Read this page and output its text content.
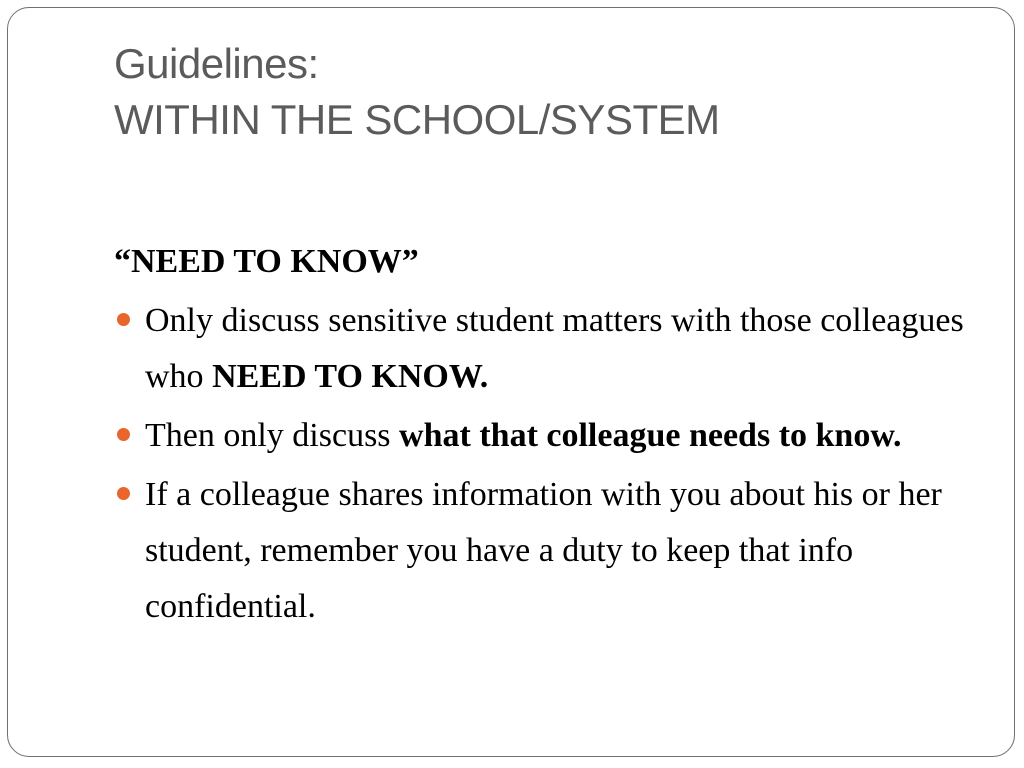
Guidelines:
WITHIN THE SCHOOL/SYSTEM
“NEED TO KNOW”
Only discuss sensitive student matters with those colleagues who NEED TO KNOW.
Then only discuss what that colleague needs to know.
If a colleague shares information with you about his or her student, remember you have a duty to keep that info confidential.
